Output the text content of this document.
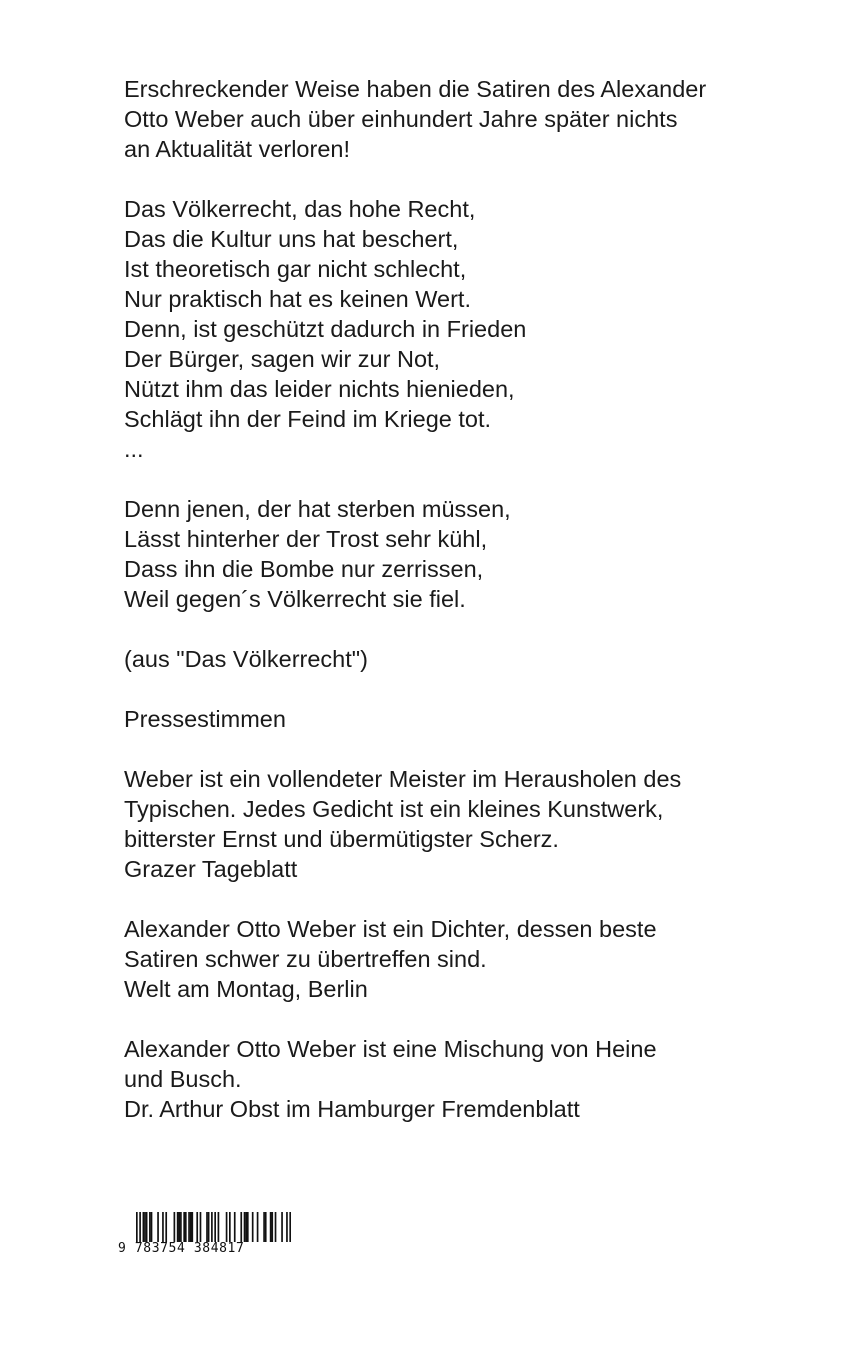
Erschreckender Weise haben die Satiren des Alexander
Otto Weber auch über einhundert Jahre später nichts
an Aktualität verloren!
Das Völkerrecht, das hohe Recht,
Das die Kultur uns hat beschert,
Ist theoretisch gar nicht schlecht,
Nur praktisch hat es keinen Wert.
Denn, ist geschützt dadurch in Frieden
Der Bürger, sagen wir zur Not,
Nützt ihm das leider nichts hienieden,
Schlägt ihn der Feind im Kriege tot.
...
Denn jenen, der hat sterben müssen,
Lässt hinterher der Trost sehr kühl,
Dass ihn die Bombe nur zerrissen,
Weil gegen´s Völkerrecht sie fiel.
(aus "Das Völkerrecht")
Pressestimmen
Weber ist ein vollendeter Meister im Herausholen des
Typischen. Jedes Gedicht ist ein kleines Kunstwerk,
bitterster Ernst und übermütigster Scherz.
Grazer Tageblatt
Alexander Otto Weber ist ein Dichter, dessen beste
Satiren schwer zu übertreffen sind.
Welt am Montag, Berlin
Alexander Otto Weber ist eine Mischung von Heine
und Busch.
Dr. Arthur Obst im Hamburger Fremdenblatt
9 783754 384817
